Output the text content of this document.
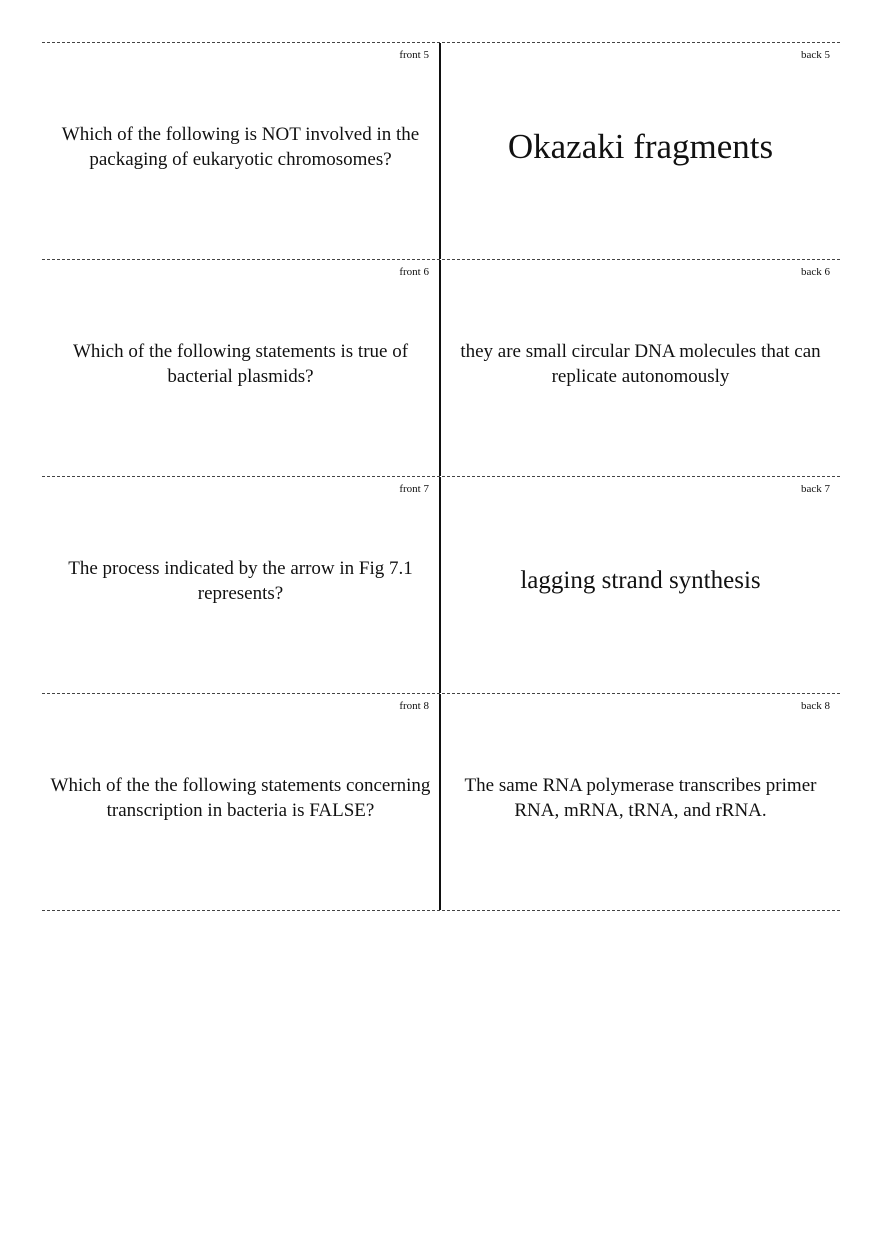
front 5
Which of the following is NOT involved in the packaging of eukaryotic chromosomes?
back 5
Okazaki fragments
front 6
Which of the following statements is true of bacterial plasmids?
back 6
they are small circular DNA molecules that can replicate autonomously
front 7
The process indicated by the arrow in Fig 7.1 represents?
back 7
lagging strand synthesis
front 8
Which of the the following statements concerning transcription in bacteria is FALSE?
back 8
The same RNA polymerase transcribes primer RNA, mRNA, tRNA, and rRNA.
